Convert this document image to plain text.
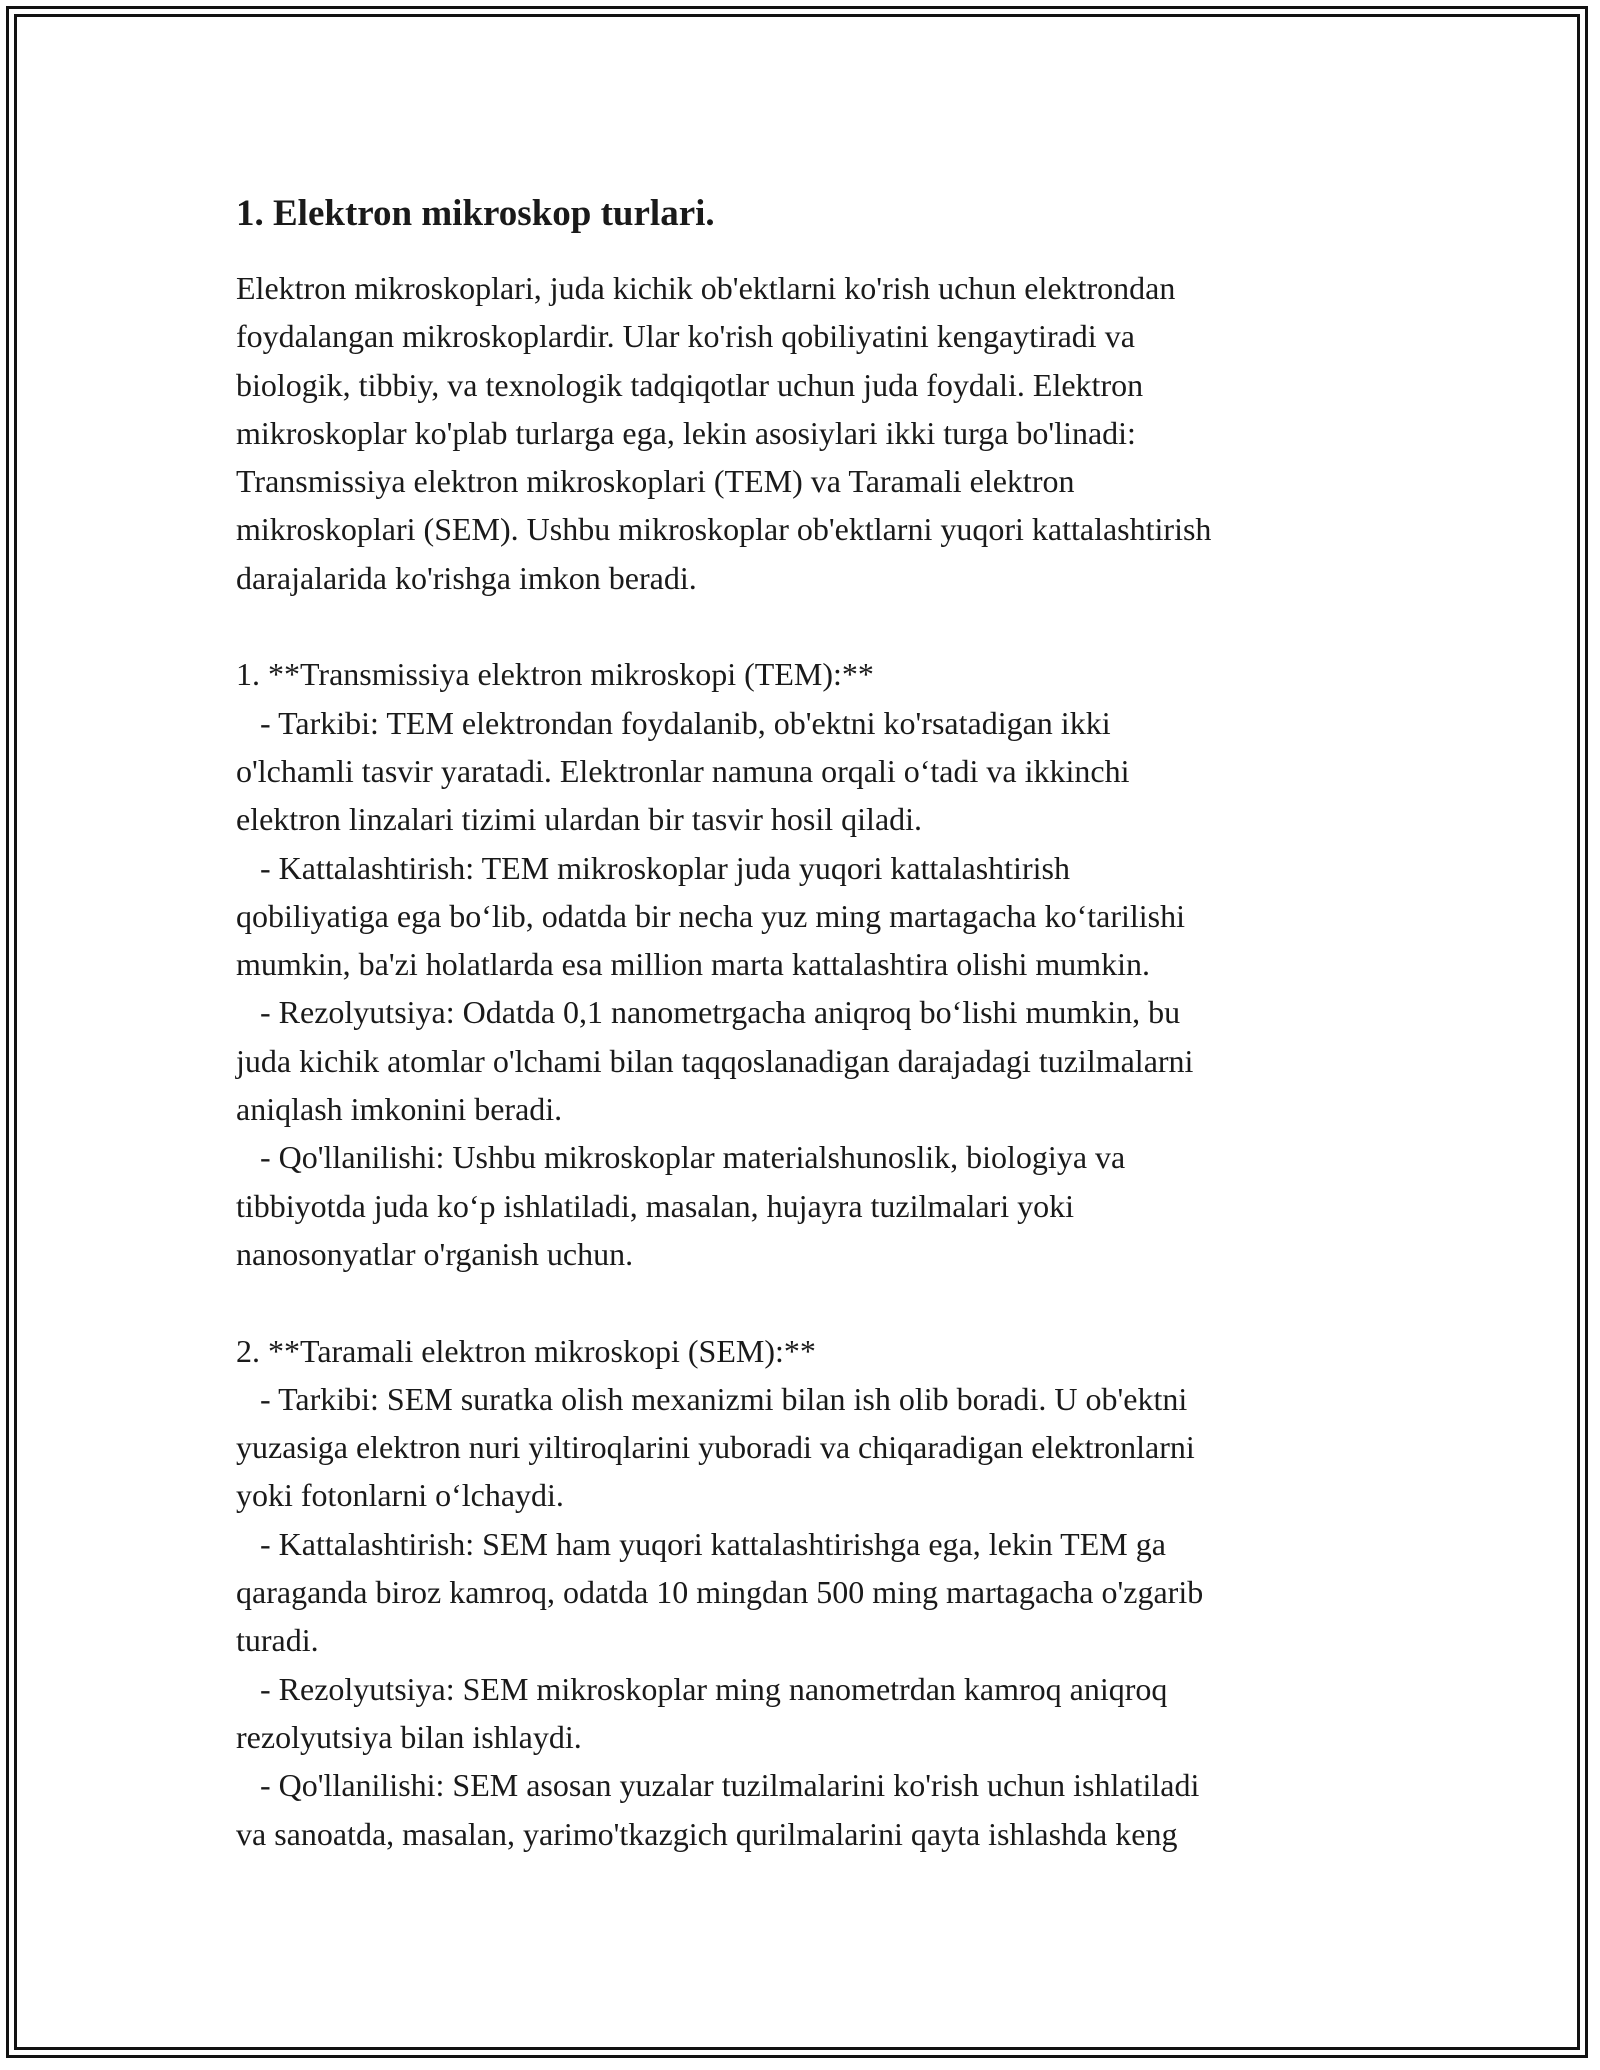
1. Elektron mikroskop turlari.

Elektron mikroskoplari, juda kichik ob'ektlarni ko'rish uchun elektrondan

foydalangan mikroskoplardir. Ular ko'rish qobiliyatini kengaytiradi va

biologik, tibbiy, va texnologik tadqiqotlar uchun juda foydali. Elektron

mikroskoplar ko'plab turlarga ega, lekin asosiylari ikki turga bo'linadi:

Transmissiya elektron mikroskoplari (TEM) va Taramali elektron

mikroskoplari (SEM). Ushbu mikroskoplar ob'ektlarni yuqori kattalashtirish

darajalarida ko'rishga imkon beradi.

1. **Transmissiya elektron mikroskopi (TEM):**

- Tarkibi: TEM elektrondan foydalanib, ob'ektni ko'rsatadigan ikki

o'lchamli tasvir yaratadi. Elektronlar namuna orqali o‘tadi va ikkinchi

elektron linzalari tizimi ulardan bir tasvir hosil qiladi.

- Kattalashtirish: TEM mikroskoplar juda yuqori kattalashtirish

qobiliyatiga ega bo‘lib, odatda bir necha yuz ming martagacha ko‘tarilishi

mumkin, ba'zi holatlarda esa million marta kattalashtira olishi mumkin.

- Rezolyutsiya: Odatda 0,1 nanometrgacha aniqroq bo‘lishi mumkin, bu

juda kichik atomlar o'lchami bilan taqqoslanadigan darajadagi tuzilmalarni

aniqlash imkonini beradi.

- Qo'llanilishi: Ushbu mikroskoplar materialshunoslik, biologiya va

tibbiyotda juda ko‘p ishlatiladi, masalan, hujayra tuzilmalari yoki

nanosonyatlar o'rganish uchun.

2. **Taramali elektron mikroskopi (SEM):**

- Tarkibi: SEM suratka olish mexanizmi bilan ish olib boradi. U ob'ektni

yuzasiga elektron nuri yiltiroqlarini yuboradi va chiqaradigan elektronlarni

yoki fotonlarni o‘lchaydi.

- Kattalashtirish: SEM ham yuqori kattalashtirishga ega, lekin TEM ga

qaraganda biroz kamroq, odatda 10 mingdan 500 ming martagacha o'zgarib

turadi.

- Rezolyutsiya: SEM mikroskoplar ming nanometrdan kamroq aniqroq

rezolyutsiya bilan ishlaydi.

- Qo'llanilishi: SEM asosan yuzalar tuzilmalarini ko'rish uchun ishlatiladi

va sanoatda, masalan, yarimo'tkazgich qurilmalarini qayta ishlashda keng
